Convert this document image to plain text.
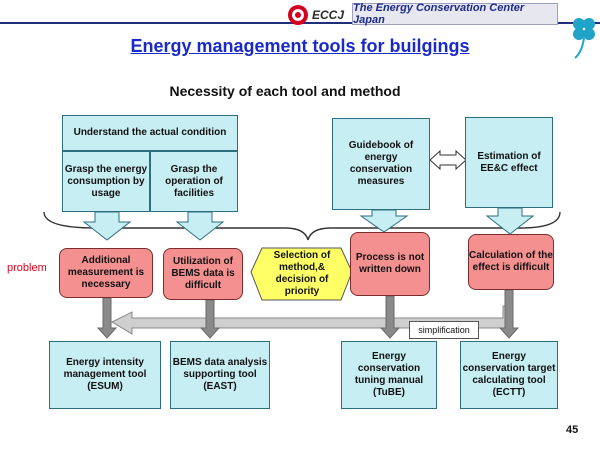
ECCJ The Energy Conservation Center Japan
Energy management tools for builgings
Necessity of each tool and method
Understand the actual condition
Grasp the energy consumption by usage
Grasp the operation of facilities
Guidebook of energy conservation measures
Estimation of EE&C effect
problem
Additional measurement is necessary
Utilization of BEMS data is difficult
Selection of method,& decision of priority
Process is not written down
Calculation of the effect is difficult
simplification
Energy intensity management tool (ESUM)
BEMS data analysis supporting tool (EAST)
Energy conservation tuning manual (TuBE)
Energy conservation target calculating tool (ECTT)
45
